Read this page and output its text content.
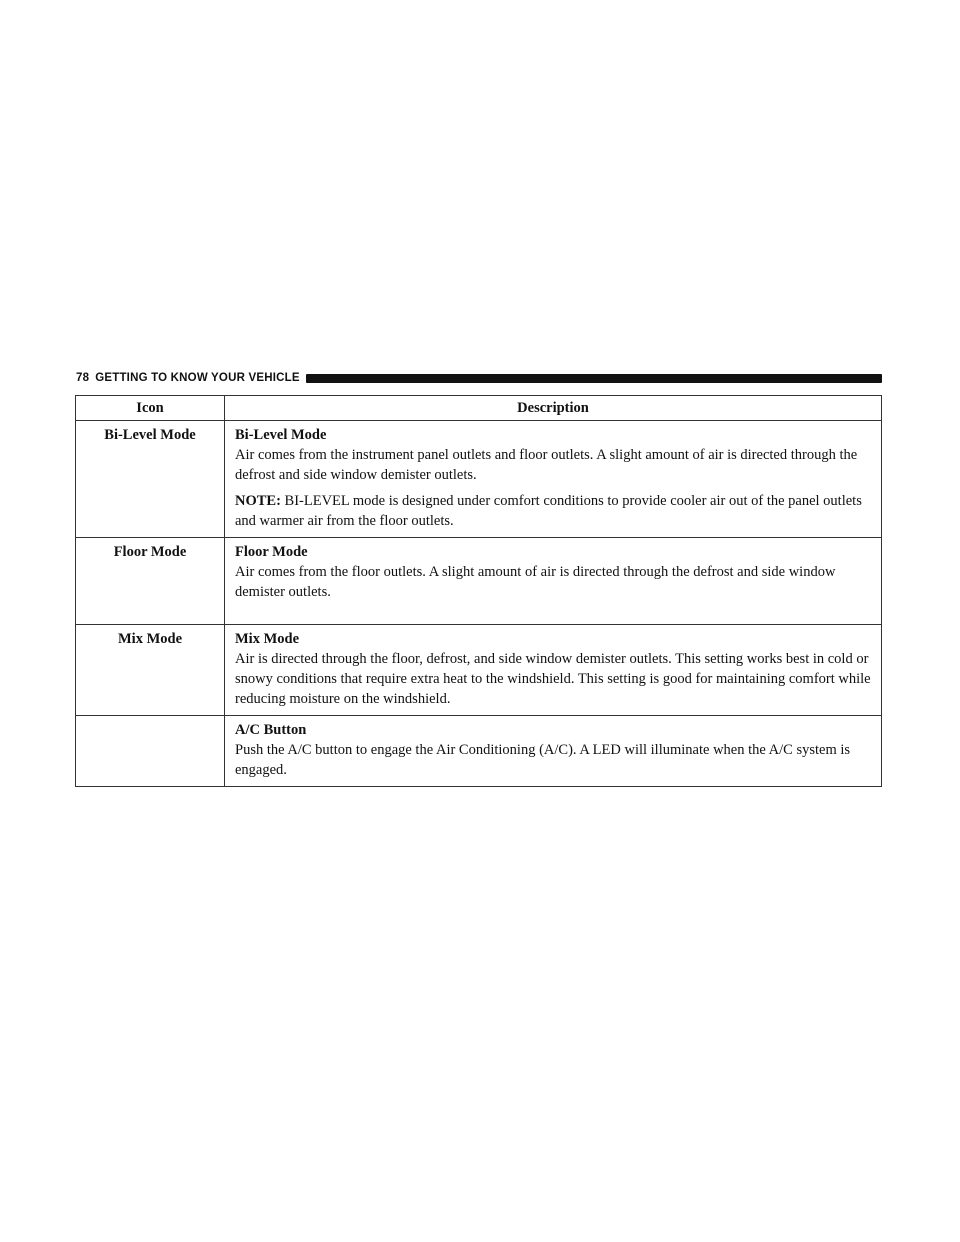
78 GETTING TO KNOW YOUR VEHICLE
Icon	Description
Bi-Level Mode	Bi-Level Mode
Air comes from the instrument panel outlets and floor outlets. A slight amount of air is directed through the defrost and side window demister outlets.
NOTE: BI-LEVEL mode is designed under comfort conditions to provide cooler air out of the panel outlets and warmer air from the floor outlets.

Floor Mode	Floor Mode
Air comes from the floor outlets. A slight amount of air is directed through the defrost and side window demister outlets.

Mix Mode	Mix Mode
Air is directed through the floor, defrost, and side window demister outlets. This setting works best in cold or snowy conditions that require extra heat to the windshield. This setting is good for maintaining comfort while reducing moisture on the windshield.

	A/C Button
Push the A/C button to engage the Air Conditioning (A/C). A LED will illuminate when the A/C system is engaged.
